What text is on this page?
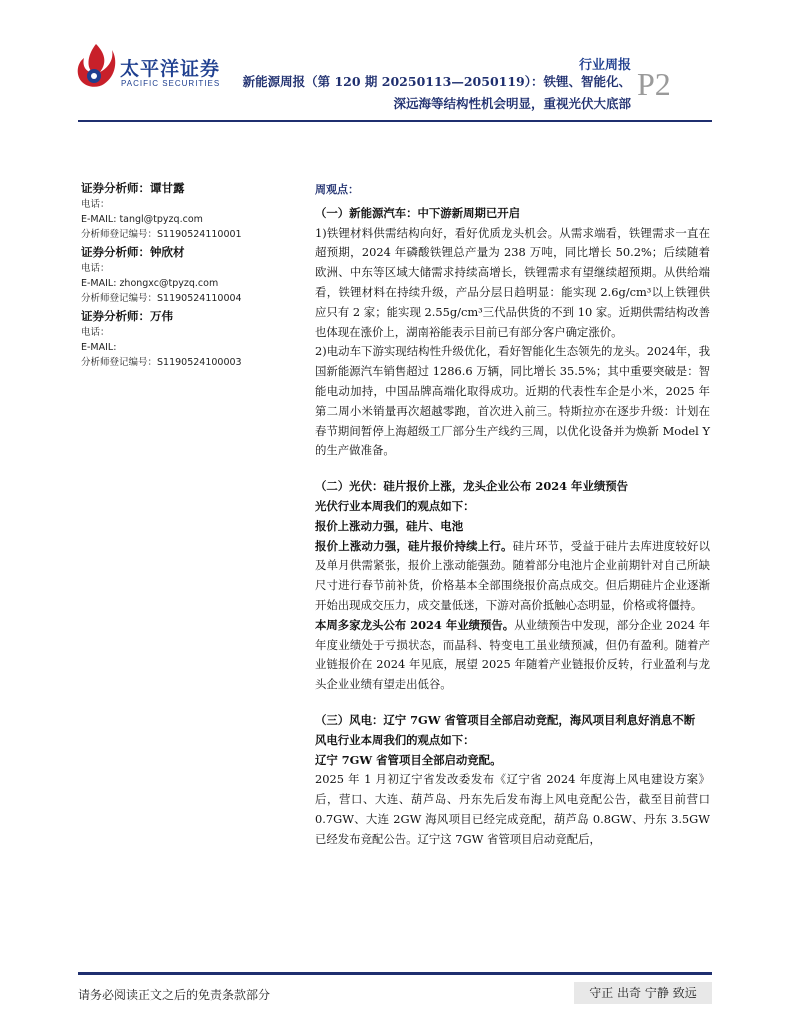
太平洋证券
PACIFIC SECURITIES
行业周报
新能源周报（第 120 期 20250113—2050119）：铁锂、智能化、
深远海等结构性机会明显，重视光伏大底部
P2
证券分析师：谭甘露
电话：
E-MAIL: tangl@tpyzq.com
分析师登记编号：S1190524110001
证券分析师：钟欣材
电话：
E-MAIL: zhongxc@tpyzq.com
分析师登记编号：S1190524110004
证券分析师：万伟
电话：
E-MAIL:
分析师登记编号：S1190524100003

周观点：

（一）新能源汽车：中下游新周期已开启

1)铁锂材料供需结构向好，看好优质龙头机会。从需求端看，铁锂需求一直在超预期，2024 年磷酸铁锂总产量为 238 万吨，同比增长 50.2%；后续随着欧洲、中东等区域大储需求持续高增长，铁锂需求有望继续超预期。从供给端看，铁锂材料在持续升级，产品分层日趋明显：能实现 2.6g/cm³以上铁锂供应只有 2 家；能实现 2.55g/cm³三代品供货的不到 10 家。近期供需结构改善也体现在涨价上，湖南裕能表示目前已有部分客户确定涨价。

2)电动车下游实现结构性升级优化，看好智能化生态领先的龙头。2024年，我国新能源汽车销售超过 1286.6 万辆，同比增长 35.5%；其中重要突破是：智能电动加持，中国品牌高端化取得成功。近期的代表性车企是小米，2025 年第二周小米销量再次超越零跑，首次进入前三。特斯拉亦在逐步升级：计划在春节期间暂停上海超级工厂部分生产线约三周，以优化设备并为焕新 Model Y 的生产做准备。

（二）光伏：硅片报价上涨，龙头企业公布 2024 年业绩预告

光伏行业本周我们的观点如下：

报价上涨动力强，硅片、电池

报价上涨动力强，硅片报价持续上行。硅片环节，受益于硅片去库进度较好以及单月供需紧张，报价上涨动能强劲。随着部分电池片企业前期针对自己所缺尺寸进行春节前补货，价格基本全部围绕报价高点成交。但后期硅片企业逐渐开始出现成交压力，成交量低迷，下游对高价抵触心态明显，价格或将僵持。

本周多家龙头公布 2024 年业绩预告。从业绩预告中发现，部分企业 2024 年年度业绩处于亏损状态，而晶科、特变电工虽业绩预减，但仍有盈利。随着产业链报价在 2024 年见底，展望 2025 年随着产业链报价反转，行业盈利与龙头企业业绩有望走出低谷。

（三）风电：辽宁 7GW 省管项目全部启动竞配，海风项目利息好消息不断

风电行业本周我们的观点如下：

辽宁 7GW 省管项目全部启动竞配。

2025 年 1 月初辽宁省发改委发布《辽宁省 2024 年度海上风电建设方案》后，营口、大连、葫芦岛、丹东先后发布海上风电竞配公告，截至目前营口 0.7GW、大连 2GW 海风项目已经完成竞配，葫芦岛 0.8GW、丹东 3.5GW 已经发布竞配公告。辽宁这 7GW 省管项目启动竞配后，

请务必阅读正文之后的免责条款部分	守正 出奇 宁静 致远
